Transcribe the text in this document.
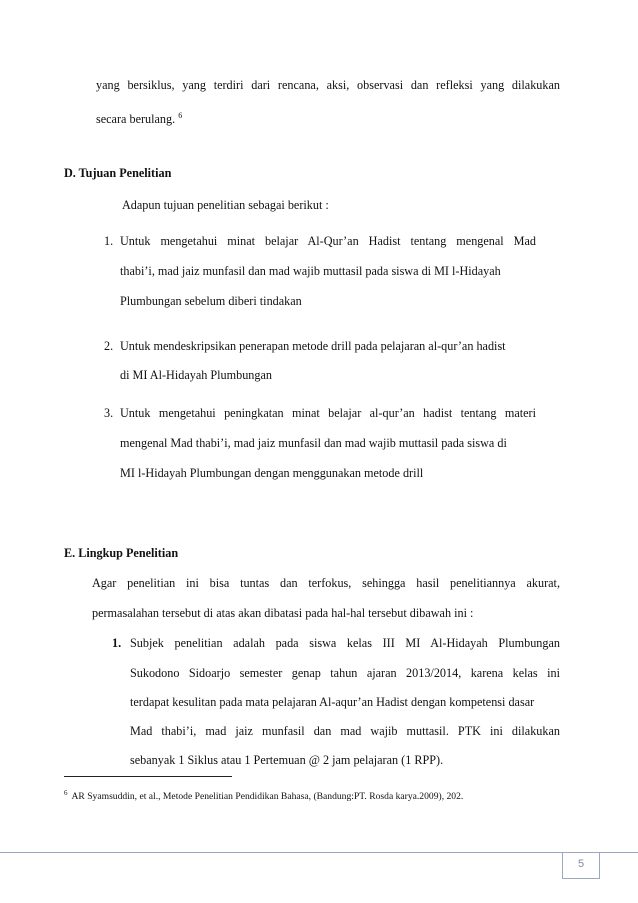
yang bersiklus, yang terdiri dari rencana, aksi, observasi dan refleksi yang dilakukan
secara berulang. $^6$
D. Tujuan Penelitian
Adapun tujuan penelitian sebagai berikut :
1. Untuk mengetahui minat belajar Al-Qur’an Hadist tentang mengenal Mad
thabi’i, mad jaiz munfasil dan mad wajib muttasil pada siswa di MI l-Hidayah
Plumbungan sebelum diberi tindakan
2. Untuk mendeskripsikan penerapan metode drill pada pelajaran al-qur’an hadist
di MI Al-Hidayah Plumbungan
3. Untuk mengetahui peningkatan minat belajar al-qur’an hadist tentang materi
mengenal Mad thabi’i, mad jaiz munfasil dan mad wajib muttasil pada siswa di
MI l-Hidayah Plumbungan dengan menggunakan metode drill
E. Lingkup Penelitian
Agar penelitian ini bisa tuntas dan terfokus, sehingga hasil penelitiannya akurat,
permasalahan tersebut di atas akan dibatasi pada hal-hal tersebut dibawah ini :
1. Subjek penelitian adalah pada siswa kelas III MI Al-Hidayah Plumbungan
Sukodono Sidoarjo semester genap tahun ajaran 2013/2014, karena kelas ini
terdapat kesulitan pada mata pelajaran Al-aqur’an Hadist dengan kompetensi dasar
Mad thabi’i, mad jaiz munfasil dan mad wajib muttasil. PTK ini dilakukan
sebanyak 1 Siklus atau 1 Pertemuan @ 2 jam pelajaran (1 RPP).
$^6$ AR Syamsuddin, et al., Metode Penelitian Pendidikan Bahasa, (Bandung:PT. Rosda karya.2009), 202.
5
